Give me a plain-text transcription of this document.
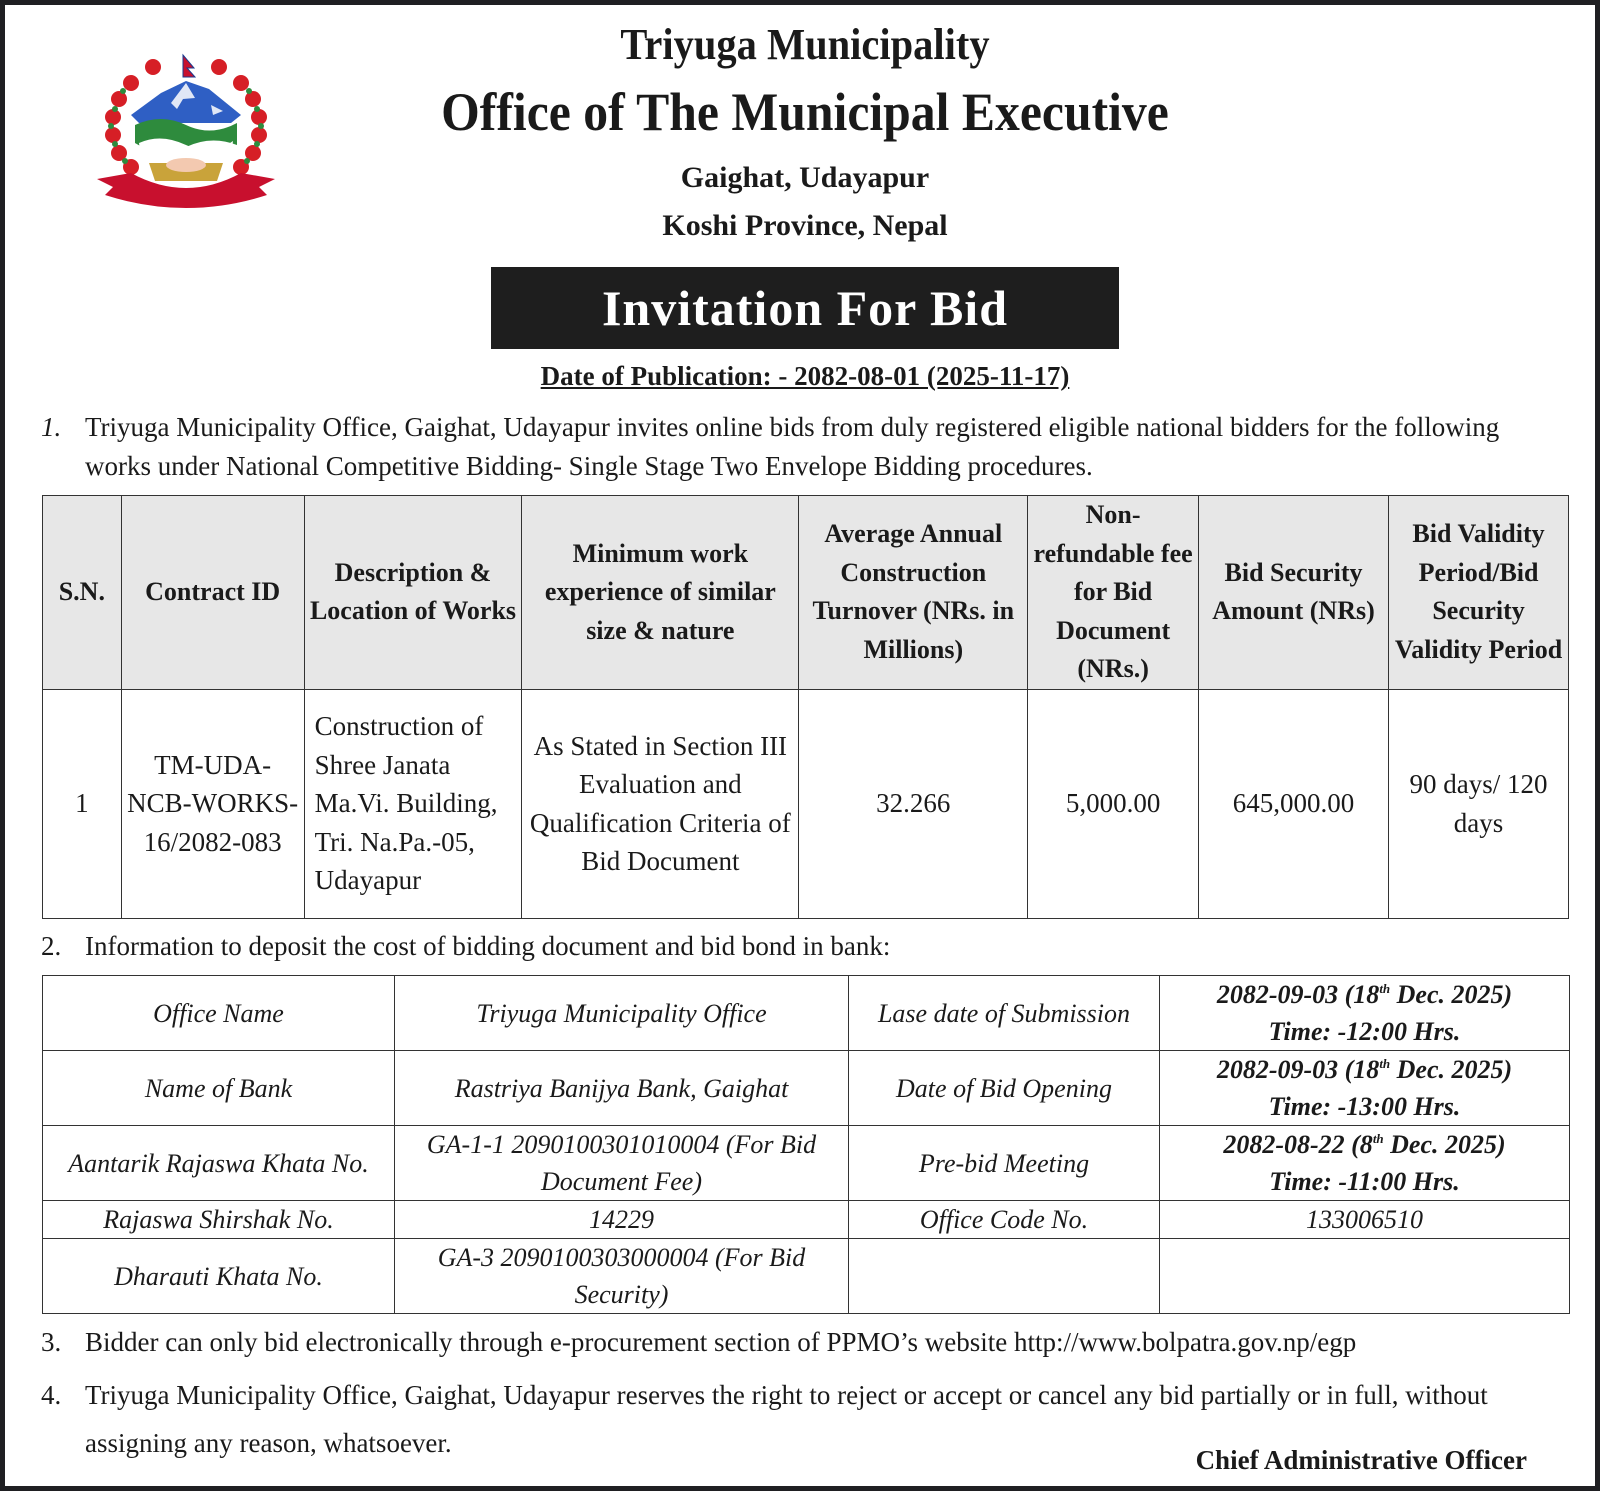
Triyuga Municipality
Office of The Municipal Executive
Gaighat, Udayapur
Koshi Province, Nepal
Invitation For Bid
Date of Publication: - 2082-08-01 (2025-11-17)
1. Triyuga Municipality Office, Gaighat, Udayapur invites online bids from duly registered eligible national bidders for the following works under National Competitive Bidding- Single Stage Two Envelope Bidding procedures.
S.N.	Contract ID	Description & Location of Works	Minimum work experience of similar size & nature	Average Annual Construction Turnover (NRs. in Millions)	Non-refundable fee for Bid Document (NRs.)	Bid Security Amount (NRs)	Bid Validity Period/Bid Security Validity Period
1	TM-UDA-NCB-WORKS-16/2082-083	Construction of Shree Janata Ma.Vi. Building, Tri. Na.Pa.-05, Udayapur	As Stated in Section III Evaluation and Qualification Criteria of Bid Document	32.266	5,000.00	645,000.00	90 days/ 120 days
2. Information to deposit the cost of bidding document and bid bond in bank:
Office Name	Triyuga Municipality Office	Lase date of Submission	2082-09-03 (18th Dec. 2025)
Time: -12:00 Hrs.
Name of Bank	Rastriya Banijya Bank, Gaighat	Date of Bid Opening	2082-09-03 (18th Dec. 2025)
Time: -13:00 Hrs.
Aantarik Rajaswa Khata No.	GA-1-1 2090100301010004 (For Bid Document Fee)	Pre-bid Meeting	2082-08-22 (8th Dec. 2025)
Time: -11:00 Hrs.
Rajaswa Shirshak No.	14229	Office Code No.	133006510
Dharauti Khata No.	GA-3 2090100303000004 (For Bid Security)		
3. Bidder can only bid electronically through e-procurement section of PPMO’s website http://www.bolpatra.gov.np/egp
4. Triyuga Municipality Office, Gaighat, Udayapur reserves the right to reject or accept or cancel any bid partially or in full, without assigning any reason, whatsoever.
Chief Administrative Officer
